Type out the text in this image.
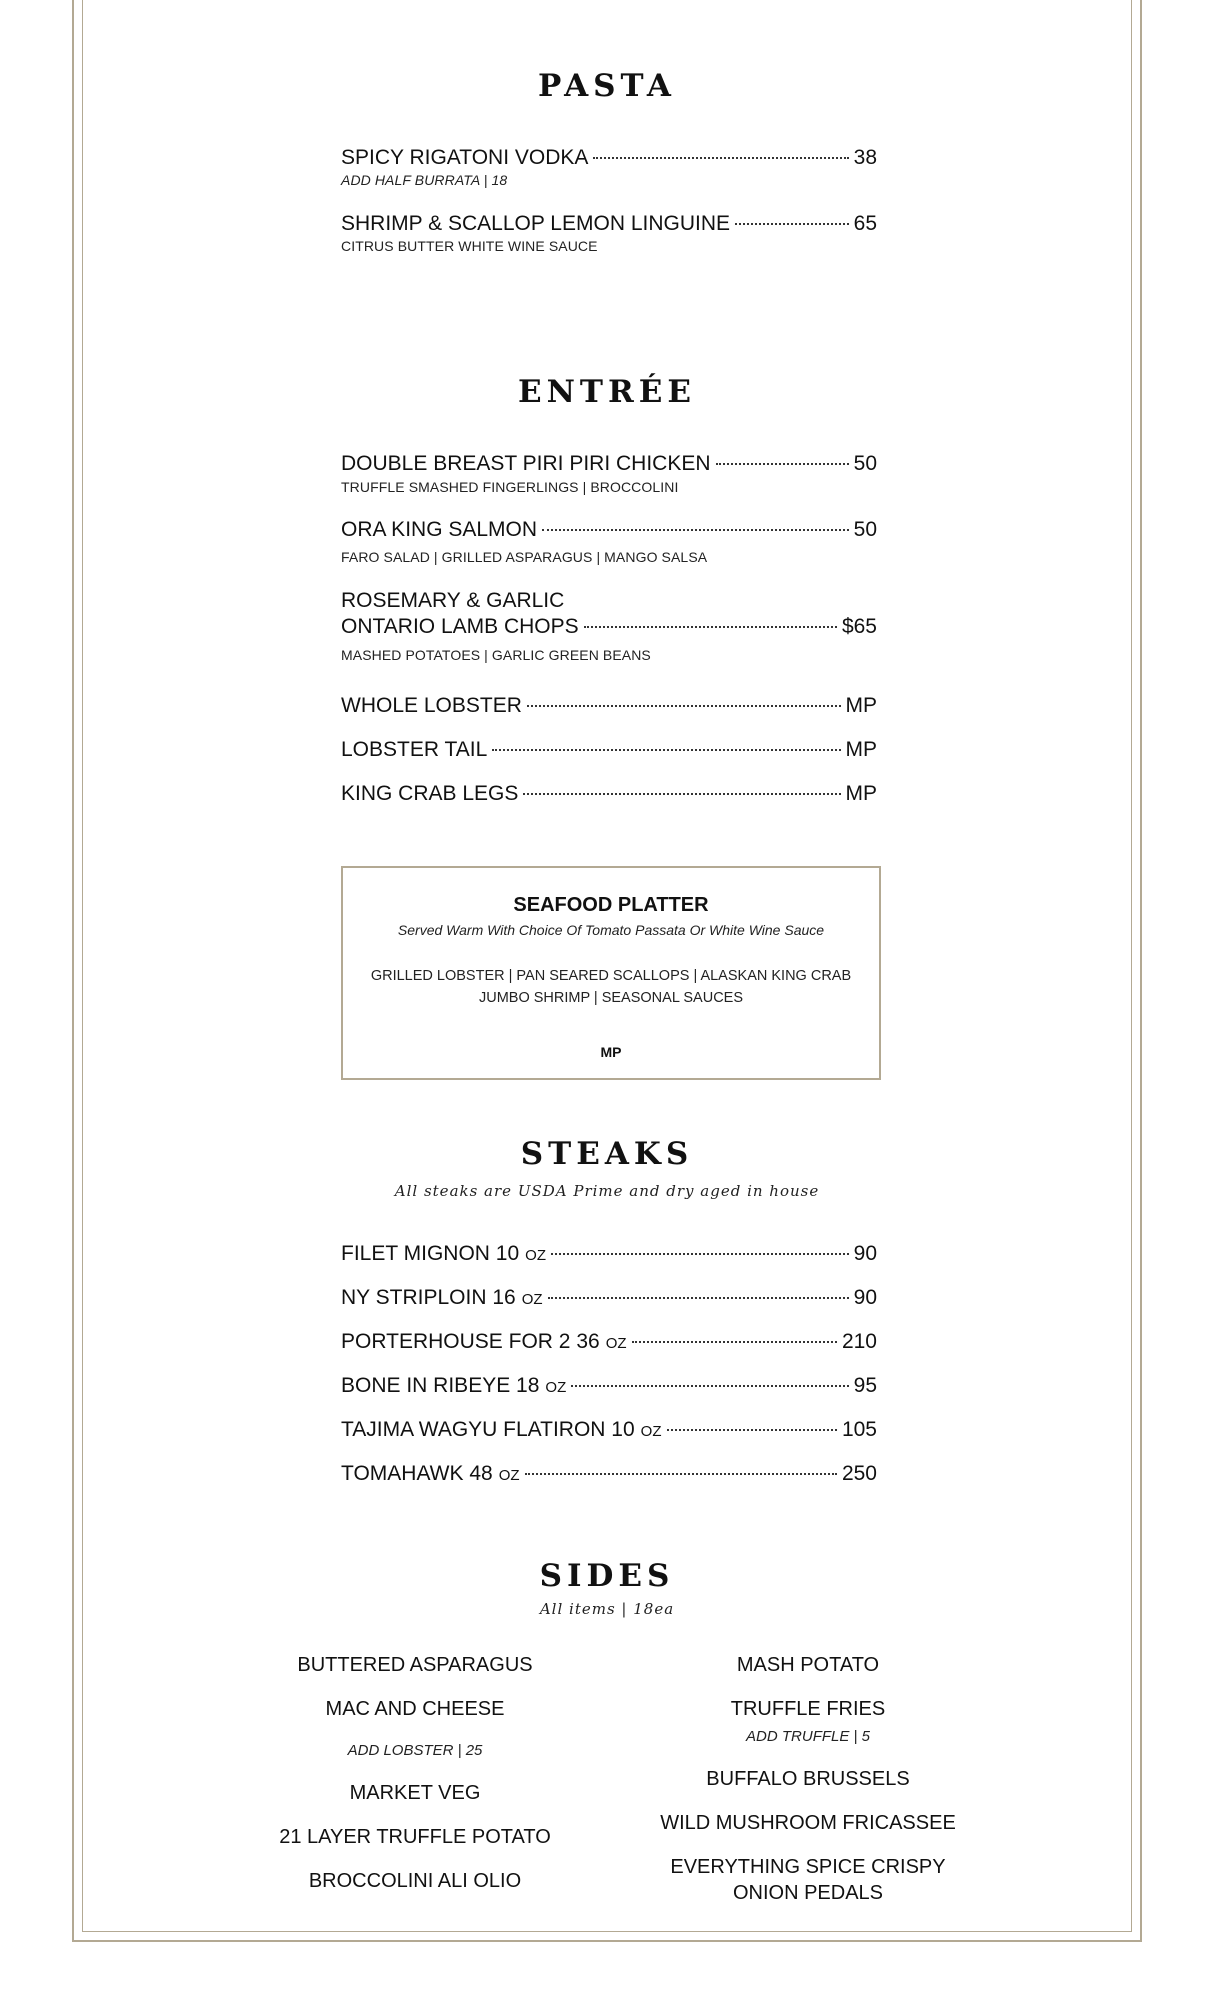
PASTA
SPICY RIGATONI VODKA	38
ADD HALF BURRATA | 18
SHRIMP & SCALLOP LEMON LINGUINE	65
CITRUS BUTTER WHITE WINE SAUCE
ENTRÉE
DOUBLE BREAST PIRI PIRI CHICKEN	50
TRUFFLE SMASHED FINGERLINGS | BROCCOLINI
ORA KING SALMON	50
FARO SALAD | GRILLED ASPARAGUS | MANGO SALSA
ROSEMARY & GARLIC
ONTARIO LAMB CHOPS	$65
MASHED POTATOES | GARLIC GREEN BEANS
WHOLE LOBSTER	MP
LOBSTER TAIL	MP
KING CRAB LEGS	MP
SEAFOOD PLATTER
Served Warm With Choice Of Tomato Passata Or White Wine Sauce
GRILLED LOBSTER | PAN SEARED SCALLOPS | ALASKAN KING CRAB
JUMBO SHRIMP | SEASONAL SAUCES
MP
STEAKS
All steaks are USDA Prime and dry aged in house
FILET MIGNON 10 OZ	90
NY STRIPLOIN 16 OZ	90
PORTERHOUSE FOR 2 36 OZ	210
BONE IN RIBEYE 18 OZ	95
TAJIMA WAGYU FLATIRON 10 OZ	105
TOMAHAWK 48 OZ	250
SIDES
All items | 18ea
BUTTERED ASPARAGUS
MAC AND CHEESE
ADD LOBSTER | 25
MARKET VEG
21 LAYER TRUFFLE POTATO
BROCCOLINI ALI OLIO
MASH POTATO
TRUFFLE FRIES
ADD TRUFFLE | 5
BUFFALO BRUSSELS
WILD MUSHROOM FRICASSEE
EVERYTHING SPICE CRISPY
ONION PEDALS
